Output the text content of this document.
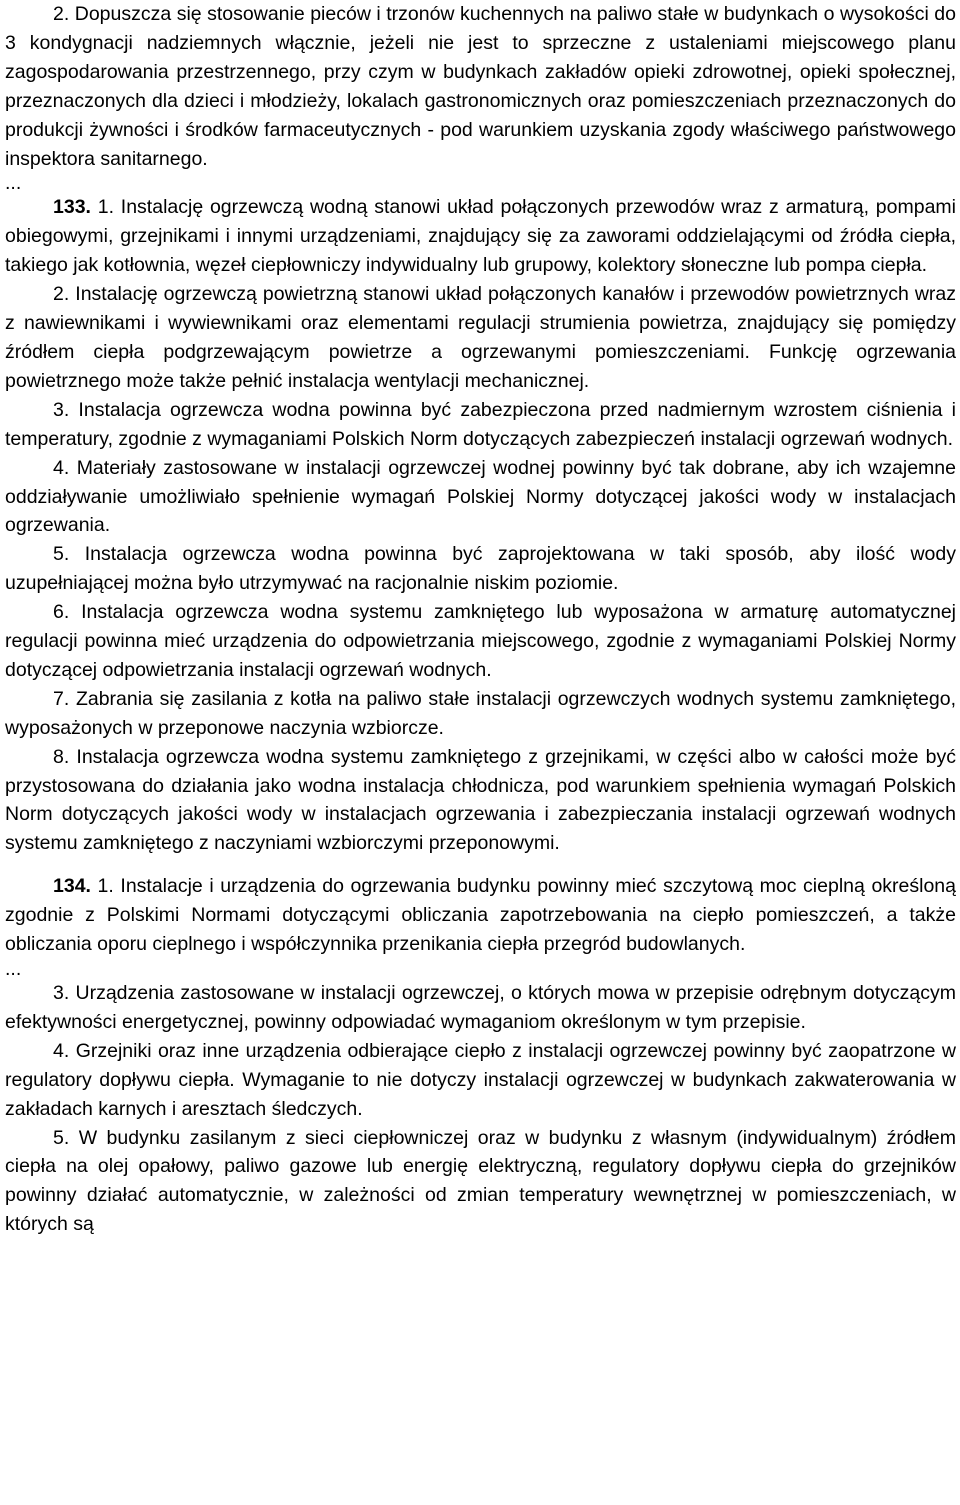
2. Dopuszcza się stosowanie pieców i trzonów kuchennych na paliwo stałe w budynkach o wysokości do 3 kondygnacji nadziemnych włącznie, jeżeli nie jest to sprzeczne z ustaleniami miejscowego planu zagospodarowania przestrzennego, przy czym w budynkach zakładów opieki zdrowotnej, opieki społecznej, przeznaczonych dla dzieci i młodzieży, lokalach gastronomicznych oraz pomieszczeniach przeznaczonych do produkcji żywności i środków farmaceutycznych - pod warunkiem uzyskania zgody właściwego państwowego inspektora sanitarnego.

...

133. 1. Instalację ogrzewczą wodną stanowi układ połączonych przewodów wraz z armaturą, pompami obiegowymi, grzejnikami i innymi urządzeniami, znajdujący się za zaworami oddzielającymi od źródła ciepła, takiego jak kotłownia, węzeł ciepłowniczy indywidualny lub grupowy, kolektory słoneczne lub pompa ciepła.

2. Instalację ogrzewczą powietrzną stanowi układ połączonych kanałów i przewodów powietrznych wraz z nawiewnikami i wywiewnikami oraz elementami regulacji strumienia powietrza, znajdujący się pomiędzy źródłem ciepła podgrzewającym powietrze a ogrzewanymi pomieszczeniami. Funkcję ogrzewania powietrznego może także pełnić instalacja wentylacji mechanicznej.

3. Instalacja ogrzewcza wodna powinna być zabezpieczona przed nadmiernym wzrostem ciśnienia i temperatury, zgodnie z wymaganiami Polskich Norm dotyczących zabezpieczeń instalacji ogrzewań wodnych.

4. Materiały zastosowane w instalacji ogrzewczej wodnej powinny być tak dobrane, aby ich wzajemne oddziaływanie umożliwiało spełnienie wymagań Polskiej Normy dotyczącej jakości wody w instalacjach ogrzewania.

5. Instalacja ogrzewcza wodna powinna być zaprojektowana w taki sposób, aby ilość wody uzupełniającej można było utrzymywać na racjonalnie niskim poziomie.

6. Instalacja ogrzewcza wodna systemu zamkniętego lub wyposażona w armaturę automatycznej regulacji powinna mieć urządzenia do odpowietrzania miejscowego, zgodnie z wymaganiami Polskiej Normy dotyczącej odpowietrzania instalacji ogrzewań wodnych.

7. Zabrania się zasilania z kotła na paliwo stałe instalacji ogrzewczych wodnych systemu zamkniętego, wyposażonych w przeponowe naczynia wzbiorcze.

8. Instalacja ogrzewcza wodna systemu zamkniętego z grzejnikami, w części albo w całości może być przystosowana do działania jako wodna instalacja chłodnicza, pod warunkiem spełnienia wymagań Polskich Norm dotyczących jakości wody w instalacjach ogrzewania i zabezpieczania instalacji ogrzewań wodnych systemu zamkniętego z naczyniami wzbiorczymi przeponowymi.

134. 1. Instalacje i urządzenia do ogrzewania budynku powinny mieć szczytową moc cieplną określoną zgodnie z Polskimi Normami dotyczącymi obliczania zapotrzebowania na ciepło pomieszczeń, a także obliczania oporu cieplnego i współczynnika przenikania ciepła przegród budowlanych.

...

3. Urządzenia zastosowane w instalacji ogrzewczej, o których mowa w przepisie odrębnym dotyczącym efektywności energetycznej, powinny odpowiadać wymaganiom określonym w tym przepisie.

4. Grzejniki oraz inne urządzenia odbierające ciepło z instalacji ogrzewczej powinny być zaopatrzone w regulatory dopływu ciepła. Wymaganie to nie dotyczy instalacji ogrzewczej w budynkach zakwaterowania w zakładach karnych i aresztach śledczych.

5. W budynku zasilanym z sieci ciepłowniczej oraz w budynku z własnym (indywidualnym) źródłem ciepła na olej opałowy, paliwo gazowe lub energię elektryczną, regulatory dopływu ciepła do grzejników powinny działać automatycznie, w zależności od zmian temperatury wewnętrznej w pomieszczeniach, w których są
